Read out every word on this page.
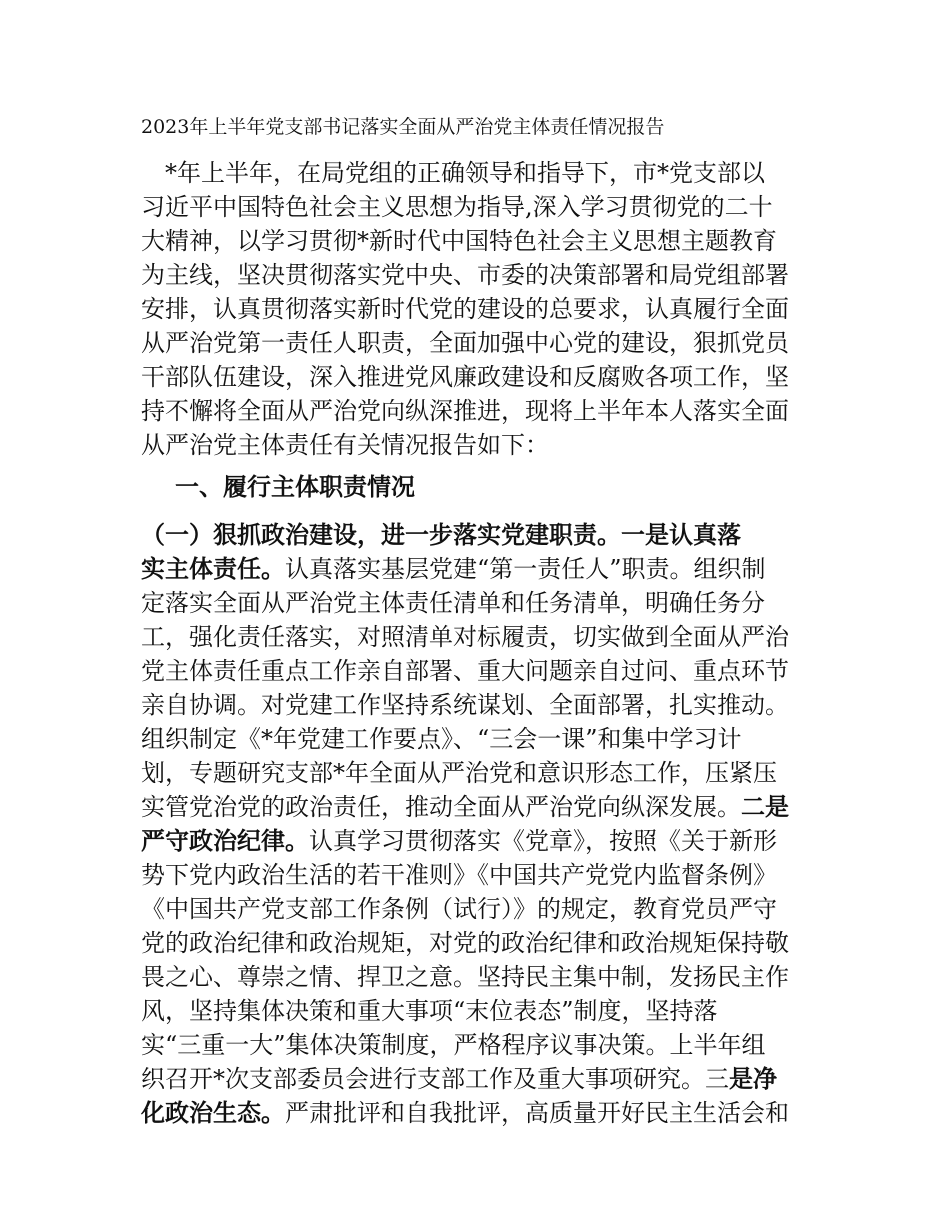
2023年上半年党支部书记落实全面从严治党主体责任情况报告
　*年上半年，在局党组的正确领导和指导下，市*党支部以
习近平中国特色社会主义思想为指导,深入学习贯彻党的二十
大精神，以学习贯彻*新时代中国特色社会主义思想主题教育
为主线，坚决贯彻落实党中央、市委的决策部署和局党组部署
安排，认真贯彻落实新时代党的建设的总要求，认真履行全面
从严治党第一责任人职责，全面加强中心党的建设，狠抓党员
干部队伍建设，深入推进党风廉政建设和反腐败各项工作，坚
持不懈将全面从严治党向纵深推进，现将上半年本人落实全面
从严治党主体责任有关情况报告如下：
一、履行主体职责情况
（一）狠抓政治建设，进一步落实党建职责。一是认真落
实主体责任。认真落实基层党建“第一责任人”职责。组织制
定落实全面从严治党主体责任清单和任务清单，明确任务分
工，强化责任落实，对照清单对标履责，切实做到全面从严治
党主体责任重点工作亲自部署、重大问题亲自过问、重点环节
亲自协调。对党建工作坚持系统谋划、全面部署，扎实推动。
组织制定《*年党建工作要点》、“三会一课”和集中学习计
划，专题研究支部*年全面从严治党和意识形态工作，压紧压
实管党治党的政治责任，推动全面从严治党向纵深发展。二是
严守政治纪律。认真学习贯彻落实《党章》，按照《关于新形
势下党内政治生活的若干准则》《中国共产党党内监督条例》
《中国共产党支部工作条例（试行）》的规定，教育党员严守
党的政治纪律和政治规矩，对党的政治纪律和政治规矩保持敬
畏之心、尊崇之情、捍卫之意。坚持民主集中制，发扬民主作
风，坚持集体决策和重大事项“末位表态”制度，坚持落
实“三重一大”集体决策制度，严格程序议事决策。上半年组
织召开*次支部委员会进行支部工作及重大事项研究。三是净
化政治生态。严肃批评和自我批评，高质量开好民主生活会和
